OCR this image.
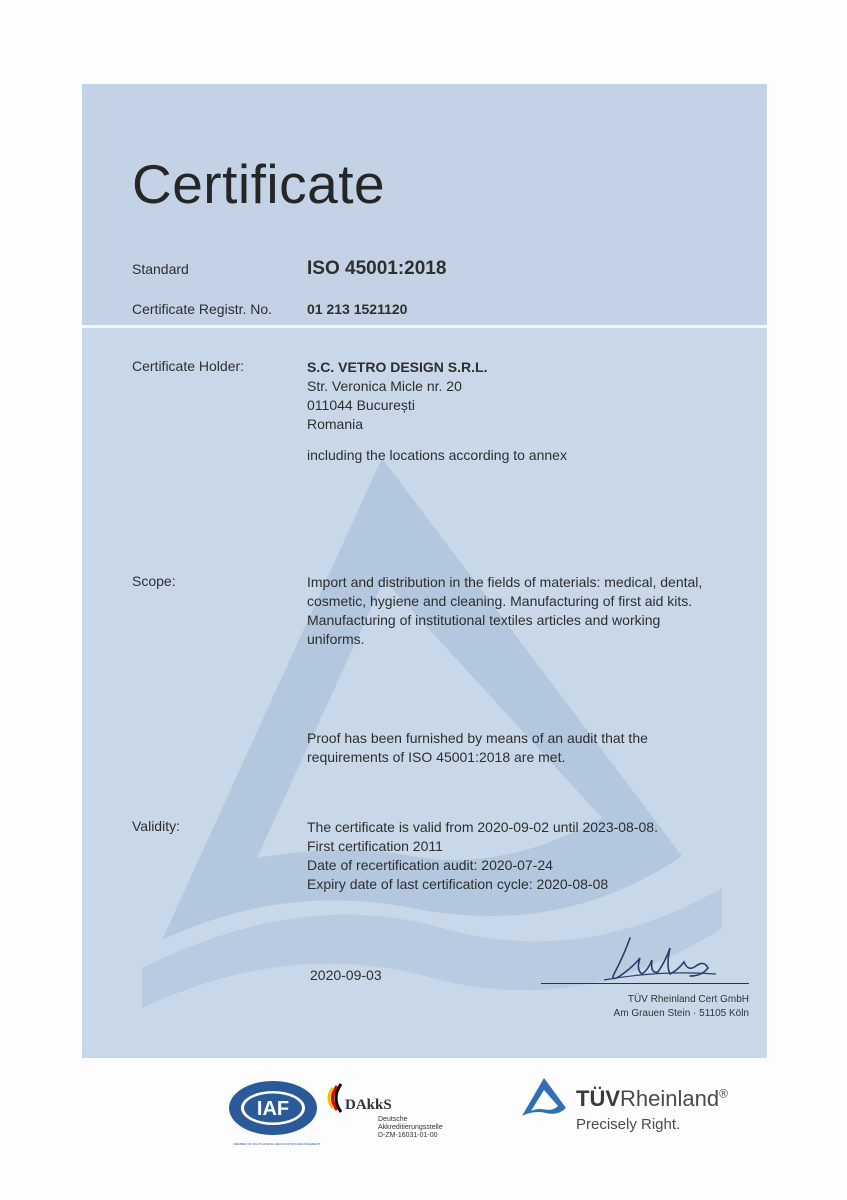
Certificate
Standard	ISO 45001:2018
Certificate Registr. No. 01 213 1521120
Certificate Holder:	S.C. VETRO DESIGN S.R.L.
Str. Veronica Micle nr. 20
011044 București
Romania
including the locations according to annex
Scope:	Import and distribution in the fields of materials: medical, dental,
cosmetic, hygiene and cleaning. Manufacturing of first aid kits.
Manufacturing of institutional textiles articles and working
uniforms.
Proof has been furnished by means of an audit that the
requirements of ISO 45001:2018 are met.
Validity:	The certificate is valid from 2020-09-02 until 2023-08-08.
First certification 2011
Date of recertification audit: 2020-07-24
Expiry date of last certification cycle: 2020-08-08
2020-09-03
TÜV Rheinland Cert GmbH
Am Grauen Stein · 51105 Köln
IAF
MEMBER OF MULTILATERAL RECOGNITION ARRANGEMENT
DAkkS
Deutsche
Akkreditierungsstelle
D-ZM-16031-01-00
TÜVRheinland®
Precisely Right.
